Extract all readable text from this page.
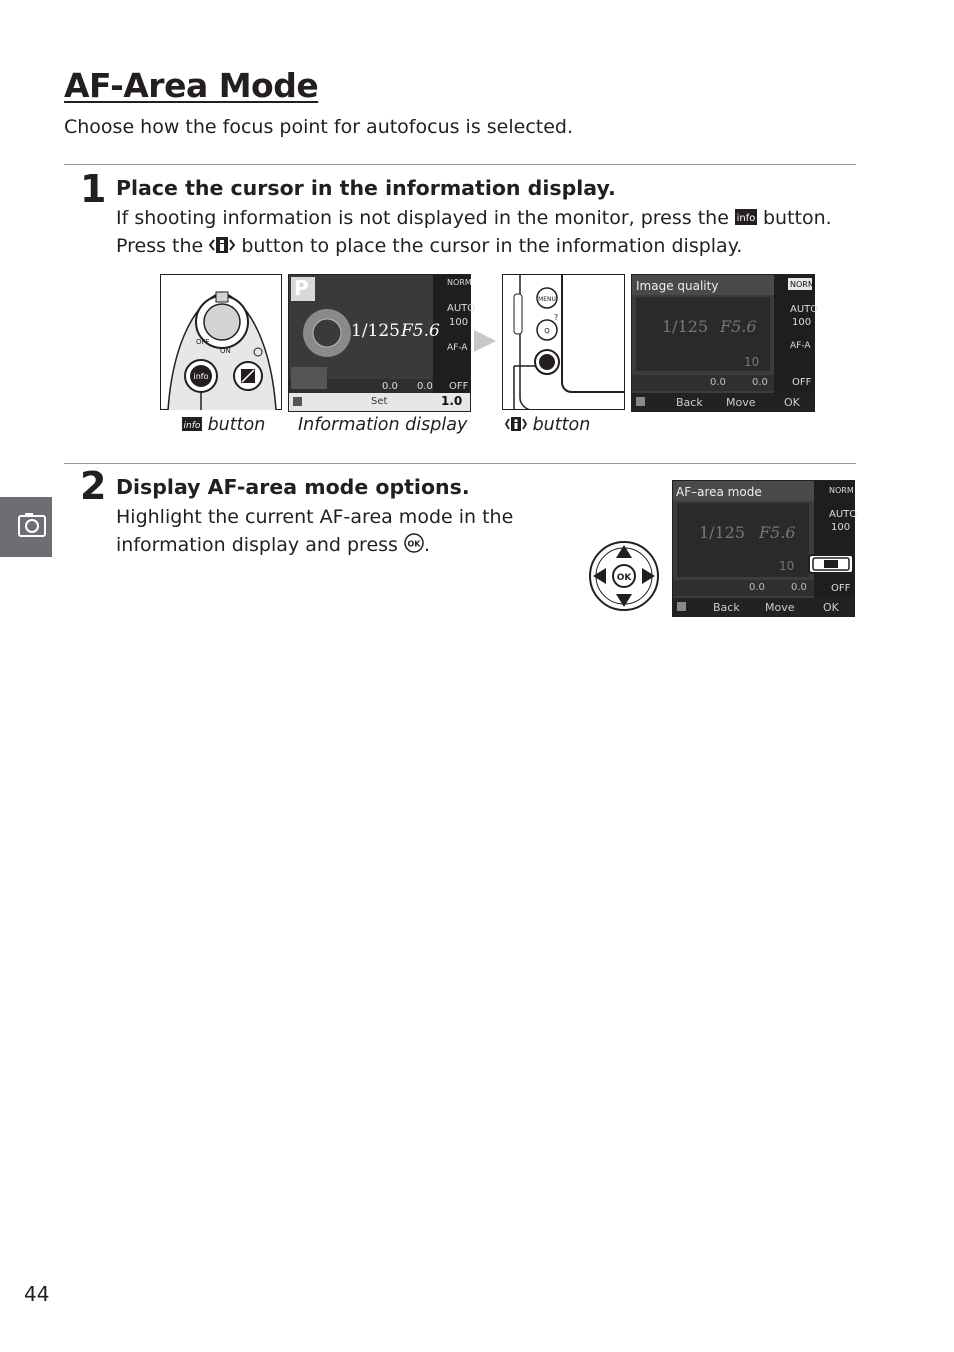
AF-Area Mode
Choose how the focus point for autofocus is selected.
1 Place the cursor in the information display.
If shooting information is not displayed in the monitor, press the info button.
Press the button to place the cursor in the information display.
OFF
ON
info
P
1/125 F5.6
NORM
AUTO
100
AF-A
OFF
0.0 0.0
Set	1.0
MENU
?
Q
Image quality
1/125 F5.6
10
NORM
AUTO
100
AF-A
OFF
0.0	0.0
Back Move	OK
info button Information display	button
2 Display AF-area mode options.
Highlight the current AF-area mode in the
information display and press OK .
OK
AF–area mode
1/125 F5.6
10
NORM
AUTO
100
OFF
0.0	0.0
Back Move	OK
44
